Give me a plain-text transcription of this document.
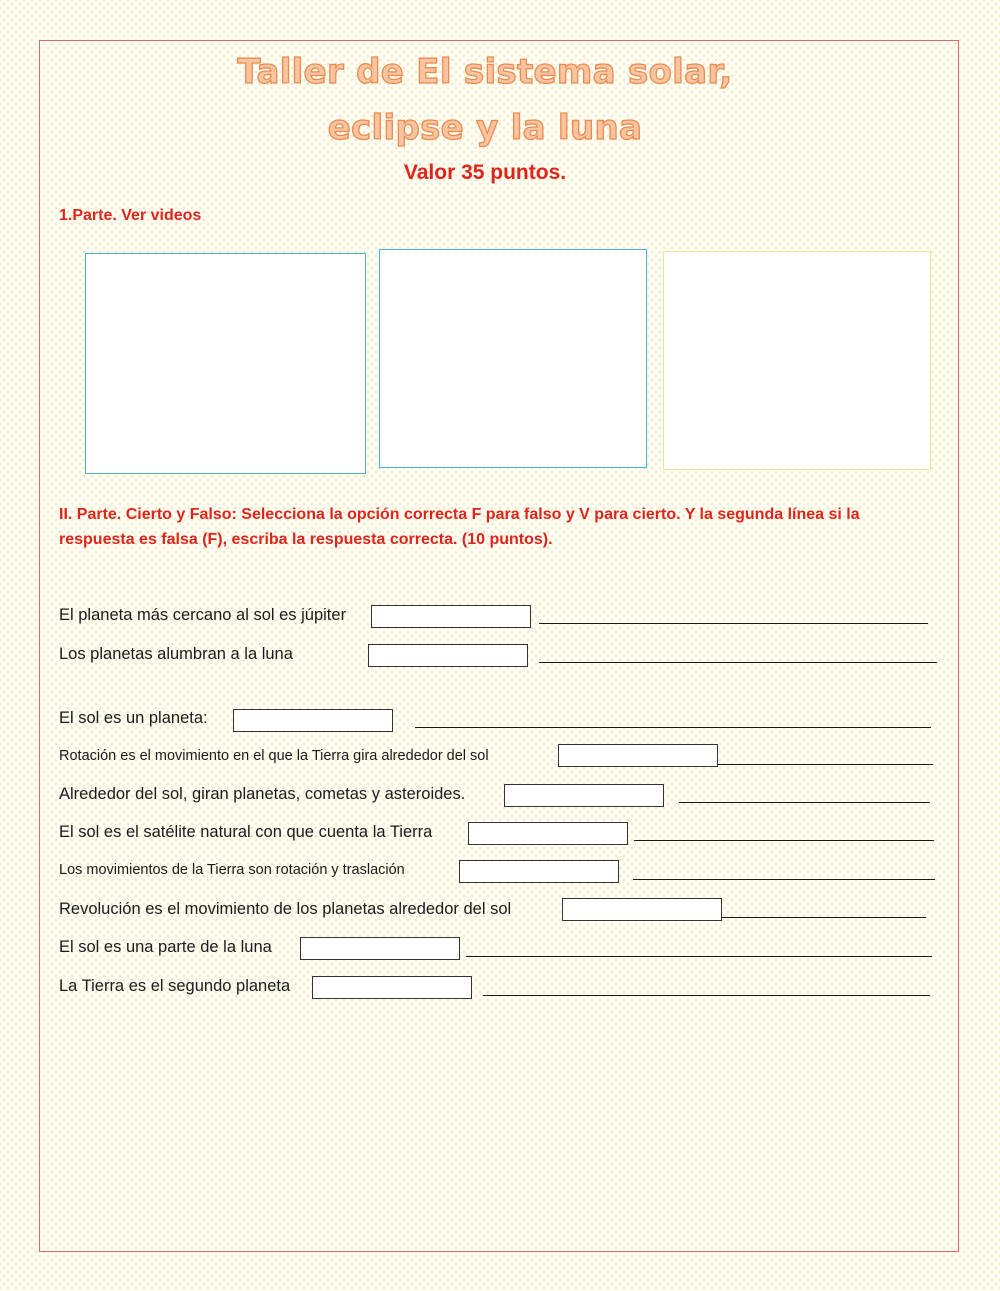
Taller de El sistema solar,
eclipse y la luna
Valor 35 puntos.
1.Parte. Ver videos
II. Parte. Cierto y Falso: Selecciona la opción correcta F para falso y V para cierto. Y la segunda línea si la respuesta es falsa (F), escriba la respuesta correcta. (10 puntos).
El planeta más cercano al sol es júpiter
Los planetas alumbran a la luna
El sol es un planeta:
Rotación es el movimiento en el que la Tierra gira alrededor del sol
Alrededor del sol, giran planetas, cometas y asteroides.
El sol es el satélite natural con que cuenta la Tierra
Los movimientos de la Tierra son rotación y traslación
Revolución es el movimiento de los planetas alrededor del sol
El sol es una parte de la luna
La Tierra es el segundo planeta
